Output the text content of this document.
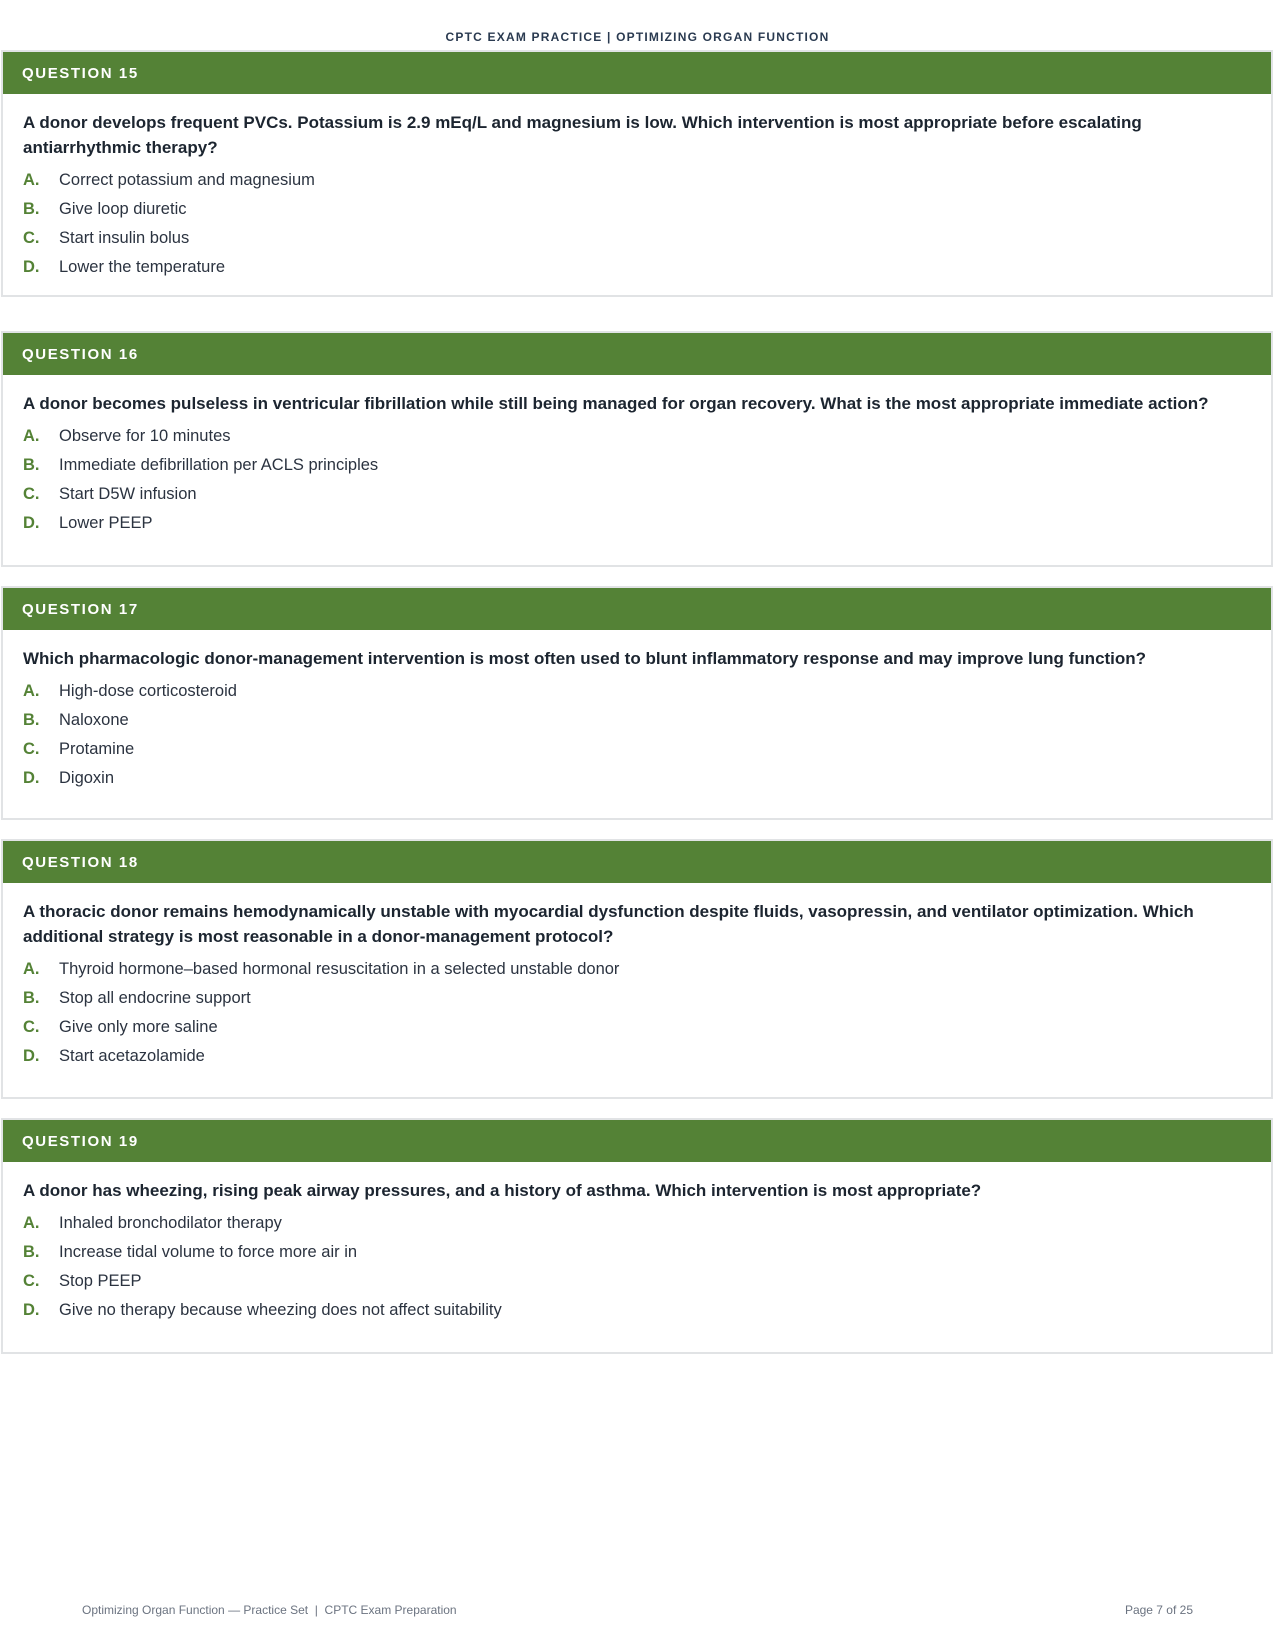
CPTC EXAM PRACTICE | OPTIMIZING ORGAN FUNCTION
QUESTION 15

A donor develops frequent PVCs. Potassium is 2.9 mEq/L and magnesium is low. Which intervention is most appropriate before escalating antiarrhythmic therapy?

A.	Correct potassium and magnesium
B.	Give loop diuretic
C.	Start insulin bolus
D.	Lower the temperature
QUESTION 16

A donor becomes pulseless in ventricular fibrillation while still being managed for organ recovery. What is the most appropriate immediate action?

A.	Observe for 10 minutes
B.	Immediate defibrillation per ACLS principles
C.	Start D5W infusion
D.	Lower PEEP
QUESTION 17

Which pharmacologic donor-management intervention is most often used to blunt inflammatory response and may improve lung function?

A.	High-dose corticosteroid
B.	Naloxone
C.	Protamine
D.	Digoxin
QUESTION 18

A thoracic donor remains hemodynamically unstable with myocardial dysfunction despite fluids, vasopressin, and ventilator optimization. Which additional strategy is most reasonable in a donor-management protocol?

A.	Thyroid hormone–based hormonal resuscitation in a selected unstable donor
B.	Stop all endocrine support
C.	Give only more saline
D.	Start acetazolamide
QUESTION 19

A donor has wheezing, rising peak airway pressures, and a history of asthma. Which intervention is most appropriate?

A.	Inhaled bronchodilator therapy
B.	Increase tidal volume to force more air in
C.	Stop PEEP
D.	Give no therapy because wheezing does not affect suitability
Optimizing Organ Function — Practice Set  |  CPTC Exam Preparation	Page 7 of 25
